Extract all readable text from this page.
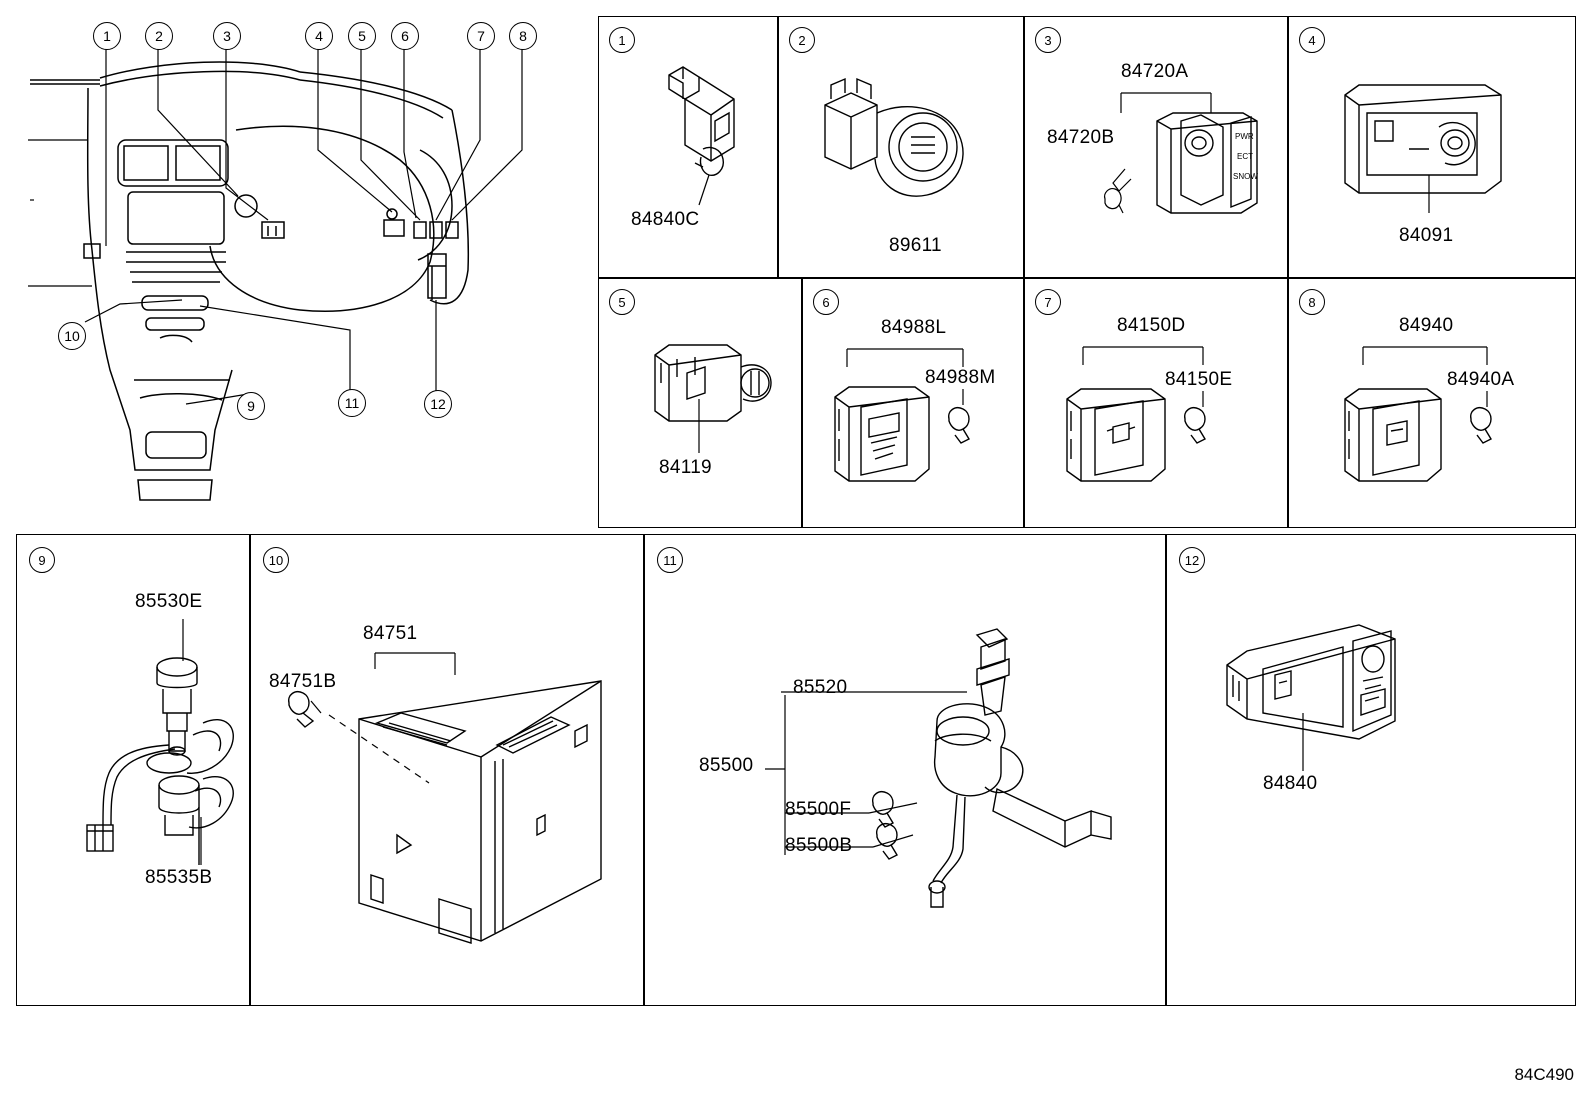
1	2	3	4	5	6	7 8
10
9	11	12
1
84840C
2
89611
3
84720A
84720B	PWR
ECT
SNOW
4
84091
5
84119
6
84988L
84988M
7
84150D
84150E
8
84940
84940A
9
85530E
85535B
10
84751
84751B
11
85520
85500
85500F
85500B
12
84840
84C490
